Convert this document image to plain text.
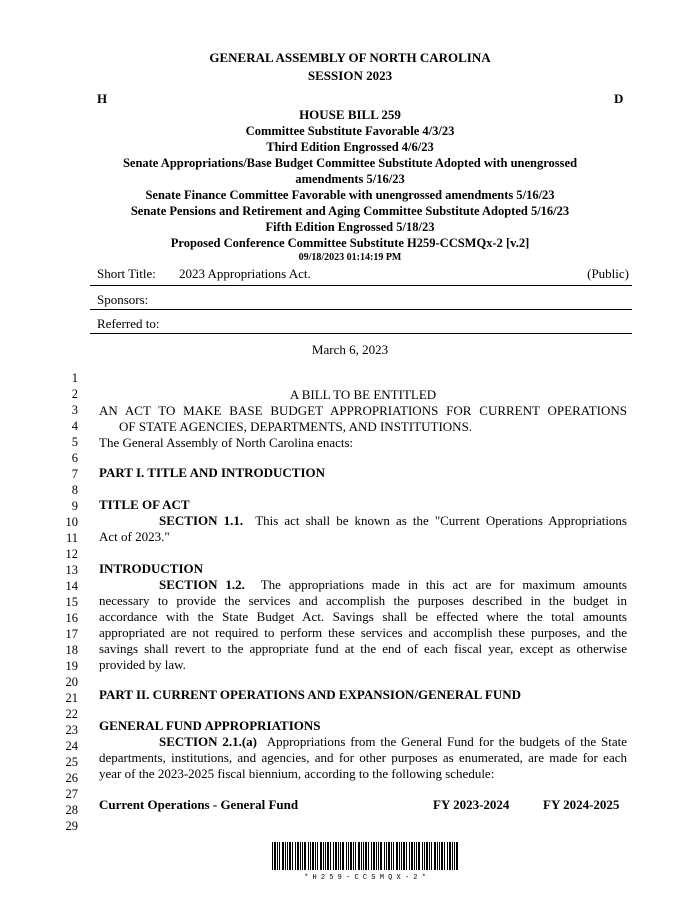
GENERAL ASSEMBLY OF NORTH CAROLINA
SESSION 2023
H	D
HOUSE BILL 259
Committee Substitute Favorable 4/3/23
Third Edition Engrossed 4/6/23
Senate Appropriations/Base Budget Committee Substitute Adopted with unengrossed
amendments 5/16/23
Senate Finance Committee Favorable with unengrossed amendments 5/16/23
Senate Pensions and Retirement and Aging Committee Substitute Adopted 5/16/23
Fifth Edition Engrossed 5/18/23
Proposed Conference Committee Substitute H259-CCSMQx-2 [v.2]
09/18/2023 01:14:19 PM
Short Title: 2023 Appropriations Act.	(Public)
Sponsors:
Referred to:
March 6, 2023
1
2	A BILL TO BE ENTITLED
3 AN ACT TO MAKE BASE BUDGET APPROPRIATIONS FOR CURRENT OPERATIONS
4	OF STATE AGENCIES, DEPARTMENTS, AND INSTITUTIONS.
5 The General Assembly of North Carolina enacts:
6
7 PART I. TITLE AND INTRODUCTION
8
9 TITLE OF ACT
10	SECTION 1.1. This act shall be known as the "Current Operations Appropriations
11 Act of 2023."
12
13 INTRODUCTION
14	SECTION 1.2. The appropriations made in this act are for maximum amounts
15 necessary to provide the services and accomplish the purposes described in the budget in
16 accordance with the State Budget Act. Savings shall be effected where the total amounts
17 appropriated are not required to perform these services and accomplish these purposes, and the
18 savings shall revert to the appropriate fund at the end of each fiscal year, except as otherwise
19 provided by law.
20
21 PART II. CURRENT OPERATIONS AND EXPANSION/GENERAL FUND
22
23 GENERAL FUND APPROPRIATIONS
24	SECTION 2.1.(a) Appropriations from the General Fund for the budgets of the State
25 departments, institutions, and agencies, and for other purposes as enumerated, are made for each
26 year of the 2023-2025 fiscal biennium, according to the following schedule:
27
28 Current Operations - General Fund	FY 2023-2024	FY 2024-2025
29
* H 2 5 9 - C C S M Q X - 2 *
